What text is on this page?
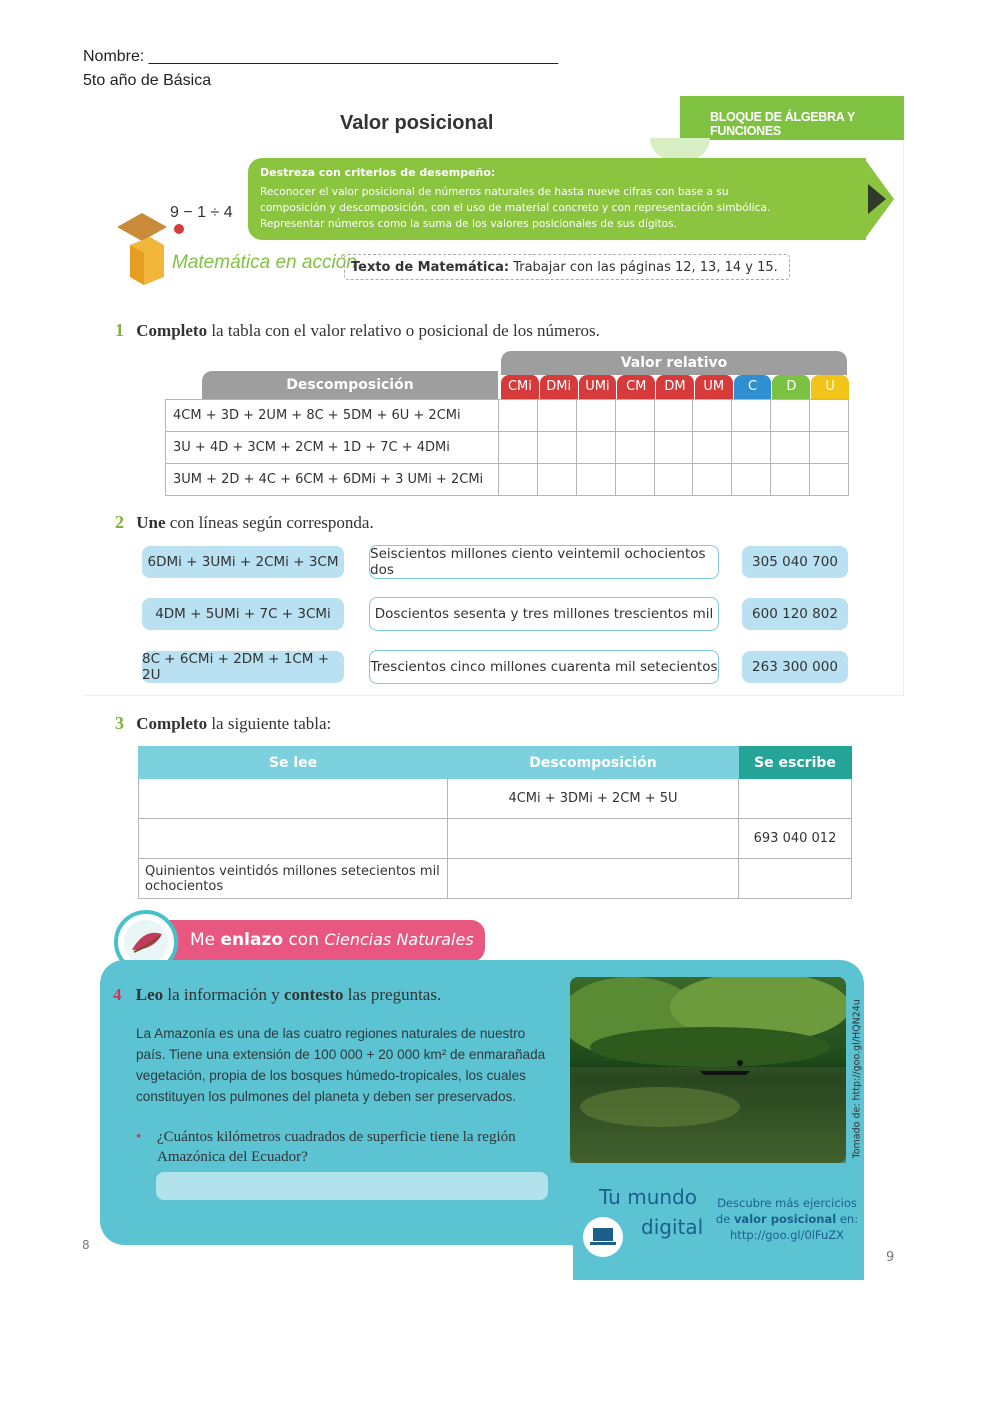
Nombre: ______________________________________________
5to año de Básica
Valor posicional	BLOQUE DE ÁLGEBRA Y FUNCIONES
Destreza con criterios de desempeño:
Reconocer el valor posicional de números naturales de hasta nueve cifras con base a su
composición y descomposición, con el uso de material concreto y con representación simbólica.
Representar números como la suma de los valores posicionales de sus dígitos.
9 − 1 ÷ 4
Matemática en acción
Texto de Matemática: Trabajar con las páginas 12, 13, 14 y 15.
1 Completo la tabla con el valor relativo o posicional de los números.
Valor relativo
Descomposición	CMi	DMi	UMi	CM	DM	UM	C	D	U
4CM + 3D + 2UM + 8C + 5DM + 6U + 2CMi									
3U + 4D + 3CM + 2CM + 1D + 7C + 4DMi									
3UM + 2D + 4C + 6CM + 6DMi + 3 UMi + 2CMi									
2 Une con líneas según corresponda.
6DMi + 3UMi + 2CMi + 3CM
4DM + 5UMi + 7C + 3CMi
8C + 6CMi + 2DM + 1CM + 2U
Seiscientos millones ciento veintemil ochocientos dos
Doscientos sesenta y tres millones trescientos mil
Trescientos cinco millones cuarenta mil setecientos
305 040 700
600 120 802
263 300 000
3 Completo la siguiente tabla:
Se lee	Descomposición	Se escribe
	4CMi + 3DMi + 2CM + 5U	
		693 040 012
Quinientos veintidós millones setecientos mil ochocientos		
Me enlazo con Ciencias Naturales
4 Leo la información y contesto las preguntas.
La Amazonía es una de las cuatro regiones naturales de nuestro país. Tiene una extensión de 100 000 + 20 000 km² de enmarañada vegetación, propia de los bosques húmedo-tropicales, los cuales constituyen los pulmones del planeta y deben ser preservados.
•	¿Cuántos kilómetros cuadrados de superficie tiene la región Amazónica del Ecuador?	Tomado de: http://goo.gl/HQN24u
Tu mundo
digital
Descubre más ejercicios
de valor posicional en:
http://goo.gl/0lFuZX
8
9
